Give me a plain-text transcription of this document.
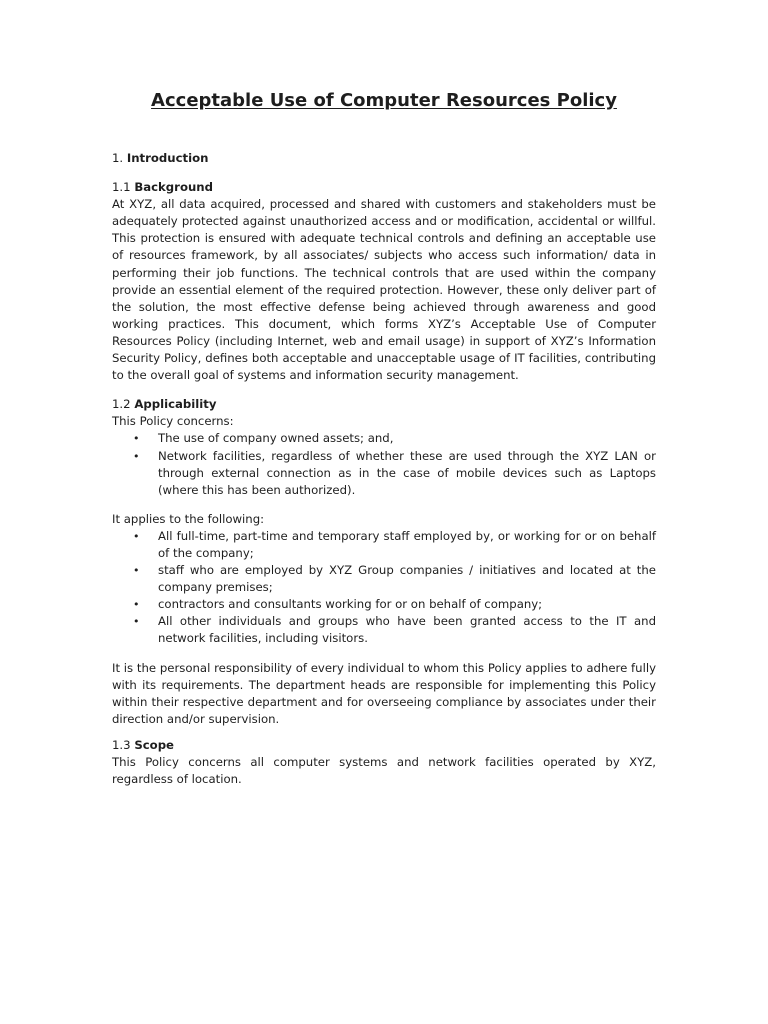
Acceptable Use of Computer Resources Policy
1. Introduction
1.1 Background

At XYZ, all data acquired, processed and shared with customers and stakeholders must be adequately protected against unauthorized access and or modification, accidental or willful. This protection is ensured with adequate technical controls and defining an acceptable use of resources framework, by all associates/ subjects who access such information/ data in performing their job functions. The technical controls that are used within the company provide an essential element of the required protection. However, these only deliver part of the solution, the most effective defense being achieved through awareness and good working practices. This document, which forms XYZ’s Acceptable Use of Computer Resources Policy (including Internet, web and email usage) in support of XYZ’s Information Security Policy, defines both acceptable and unacceptable usage of IT facilities, contributing to the overall goal of systems and information security management.

1.2 Applicability

This Policy concerns:

• The use of company owned assets; and,
• Network facilities, regardless of whether these are used through the XYZ LAN or through external connection as in the case of mobile devices such as Laptops (where this has been authorized).

It applies to the following:

• All full-time, part-time and temporary staff employed by, or working for or on behalf of the company;
• staff who are employed by XYZ Group companies / initiatives and located at the company premises;
• contractors and consultants working for or on behalf of company;
• All other individuals and groups who have been granted access to the IT and network facilities, including visitors.

It is the personal responsibility of every individual to whom this Policy applies to adhere fully with its requirements. The department heads are responsible for implementing this Policy within their respective department and for overseeing compliance by associates under their direction and/or supervision.

1.3 Scope

This Policy concerns all computer systems and network facilities operated by XYZ, regardless of location.
